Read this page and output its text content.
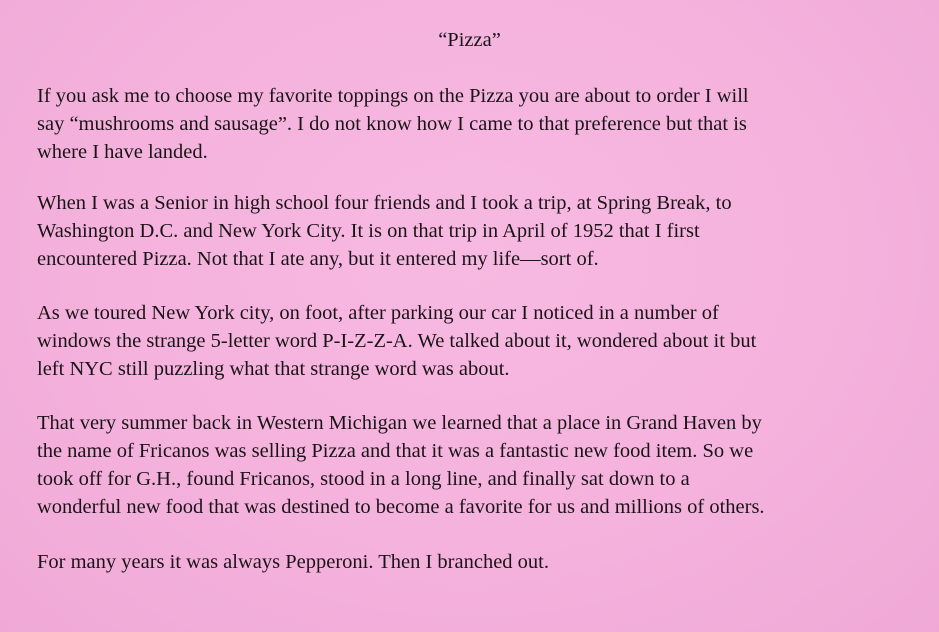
“Pizza”

If you ask me to choose my favorite toppings on the Pizza you are about to order I will

say “mushrooms and sausage”. I do not know how I came to that preference but that is

where I have landed.

When I was a Senior in high school four friends and I took a trip, at Spring Break, to

Washington D.C. and New York City. It is on that trip in April of 1952 that I first

encountered Pizza. Not that I ate any, but it entered my life—sort of.

As we toured New York city, on foot, after parking our car I noticed in a number of

windows the strange 5-letter word P-I-Z-Z-A. We talked about it, wondered about it but

left NYC still puzzling what that strange word was about.

That very summer back in Western Michigan we learned that a place in Grand Haven by

the name of Fricanos was selling Pizza and that it was a fantastic new food item. So we

took off for G.H., found Fricanos, stood in a long line, and finally sat down to a

wonderful new food that was destined to become a favorite for us and millions of others.

For many years it was always Pepperoni. Then I branched out.
